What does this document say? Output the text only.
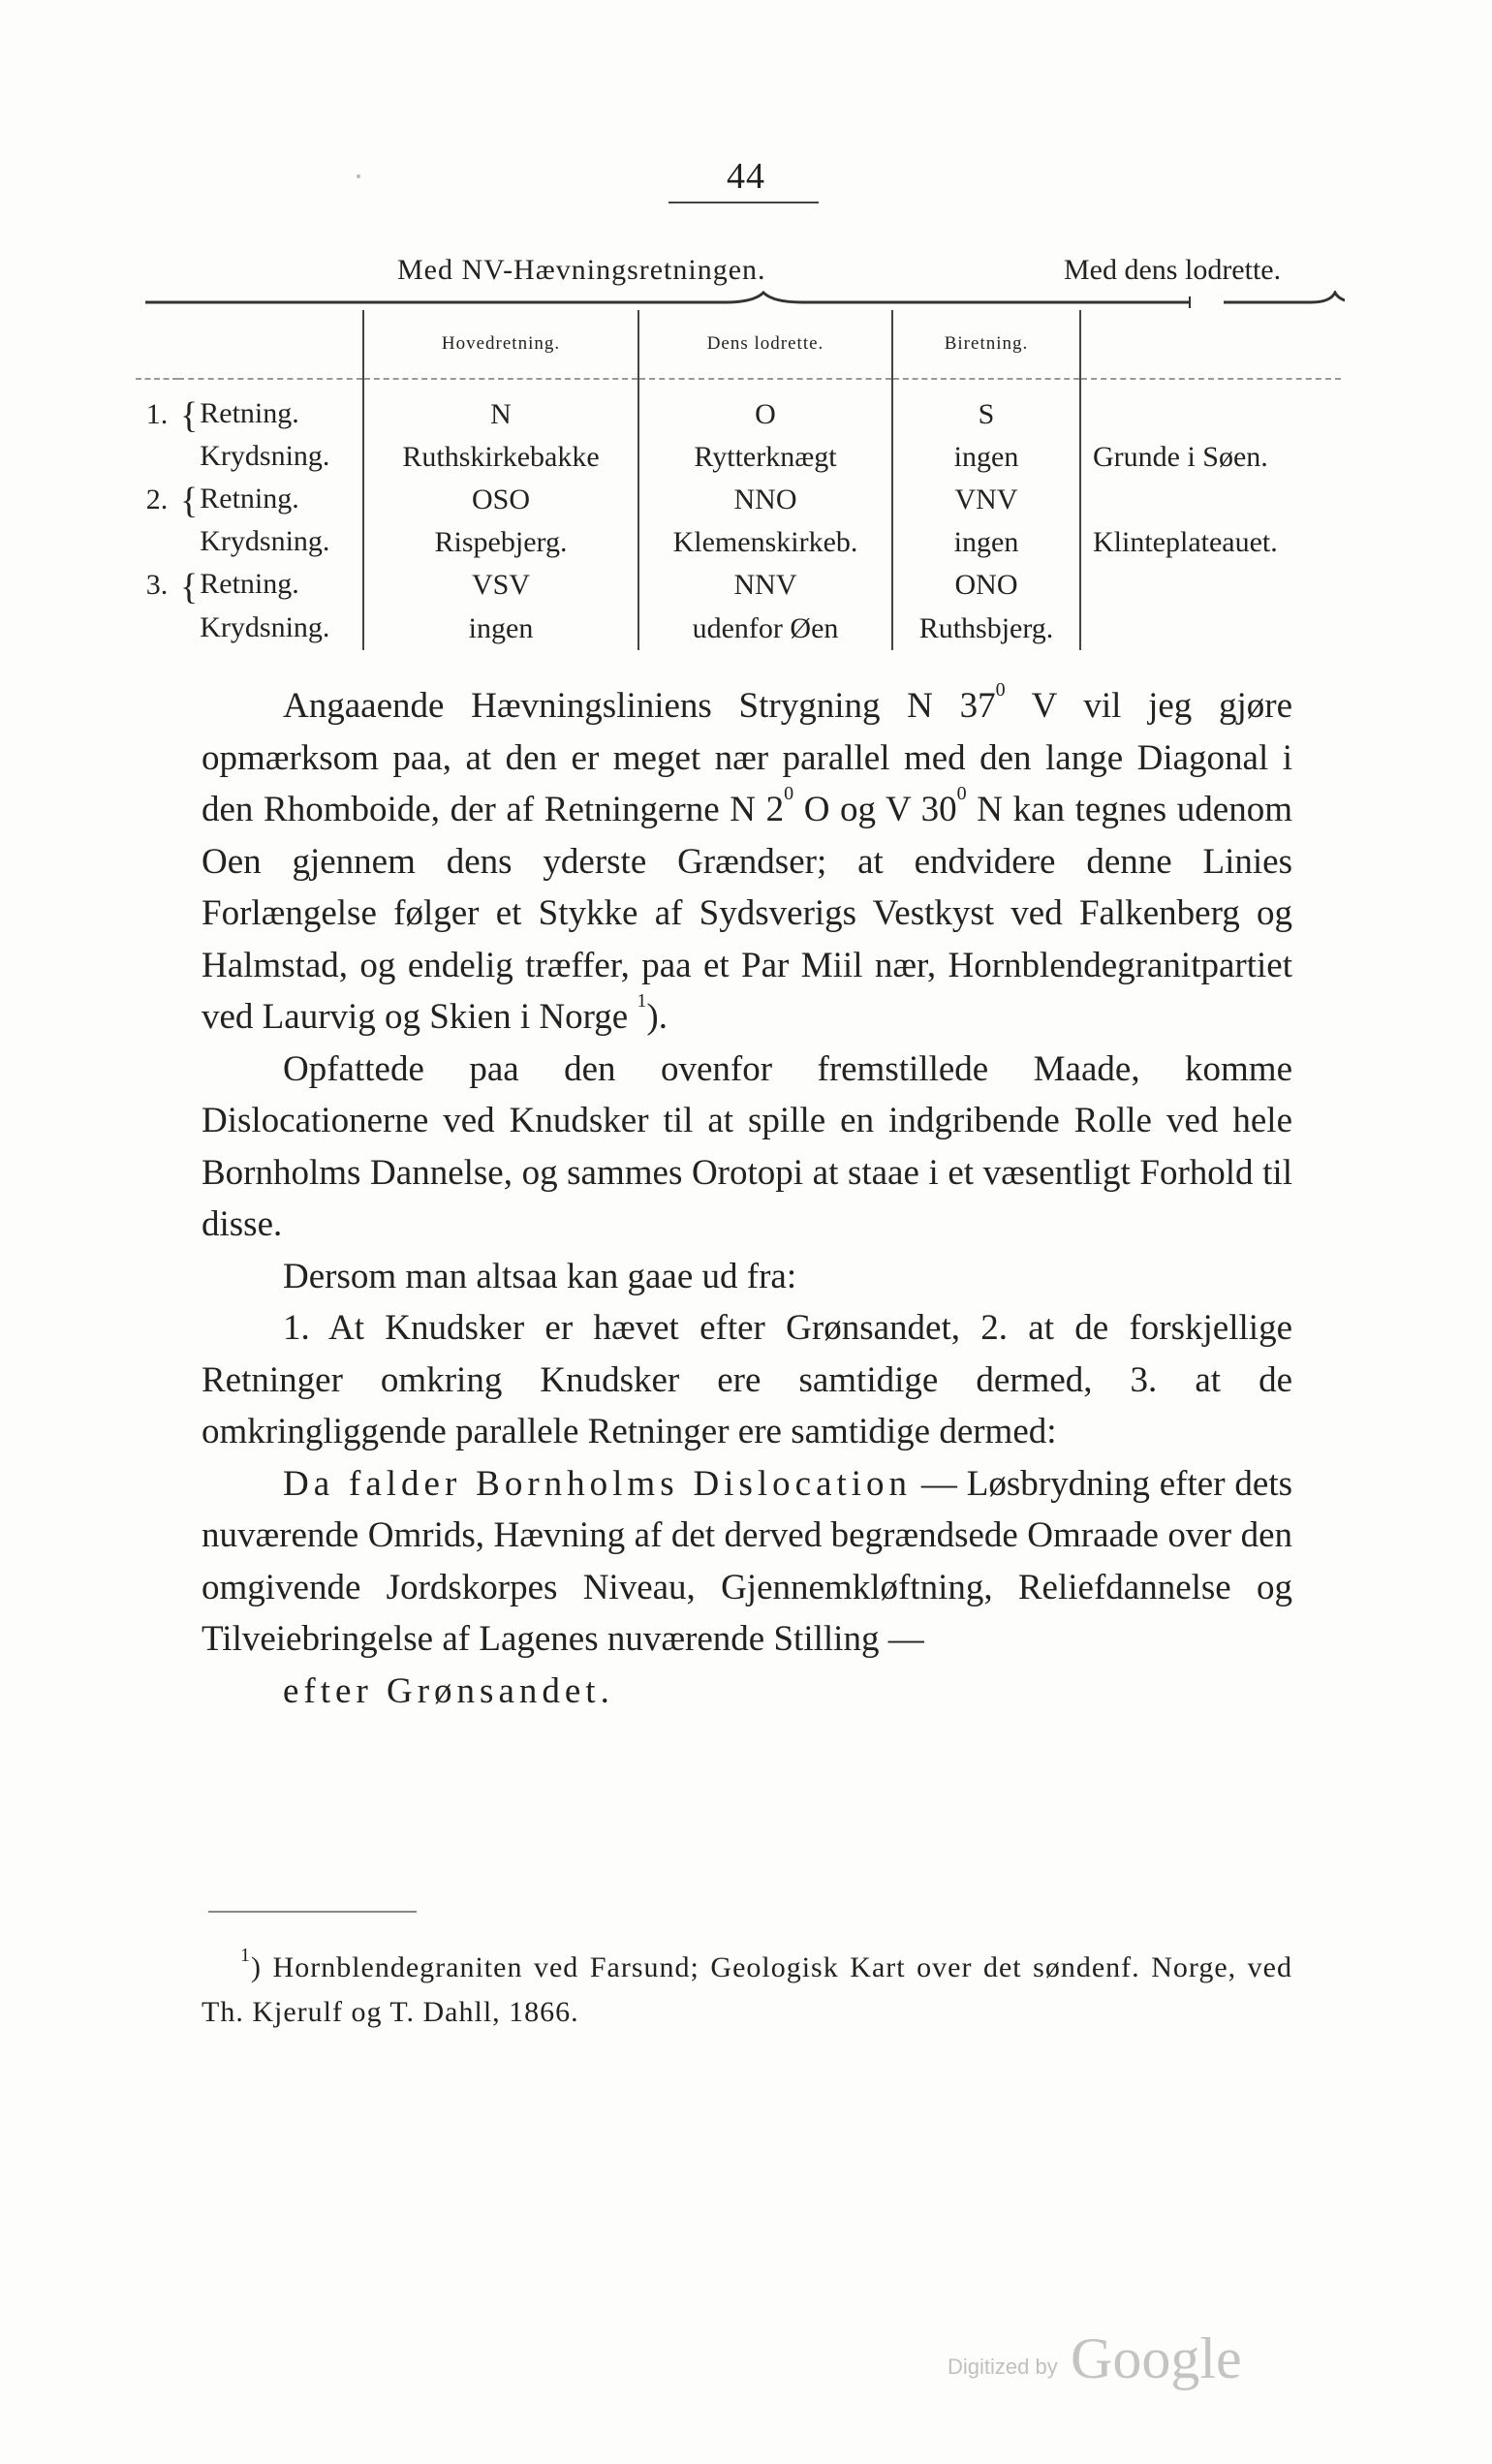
44
Med NV-Hævningsretningen.	Med dens lodrette.
		Hovedretning.	Dens lodrette.	Biretning.	
1.	{Retning.	N	O	S	
	Krydsning.	Ruthskirkebakke	Rytterknægt	ingen	Grunde i Søen.
2.	{Retning.	OSO	NNO	VNV	
	Krydsning.	Rispebjerg.	Klemenskirkeb.	ingen	Klinteplateauet.
3.	{Retning.	VSV	NNV	ONO	
	Krydsning.	ingen	udenfor Øen	Ruthsbjerg.	

Angaaende Hævningsliniens Strygning N $37^0$ V vil jeg gjøre opmærksom paa, at den er meget nær parallel med den lange Diagonal i den Rhomboide, der af Retningerne N $2^0$ O og V $30^0$ N kan tegnes udenom Oen gjennem dens yderste Grændser; at endvidere denne Linies Forlængelse følger et Stykke af Sydsverigs Vestkyst ved Falkenberg og Halmstad, og endelig træffer, paa et Par Miil nær, Hornblendegranitpartiet ved Laurvig og Skien i Norge $^1$).

Opfattede paa den ovenfor fremstillede Maade, komme Dislocationerne ved Knudsker til at spille en indgribende Rolle ved hele Bornholms Dannelse, og sammes Orotopi at staae i et væsentligt Forhold til disse.

Dersom man altsaa kan gaae ud fra:

1. At Knudsker er hævet efter Grønsandet, 2. at de forskjellige Retninger omkring Knudsker ere samtidige dermed, 3. at de omkringliggende parallele Retninger ere samtidige dermed:

Da falder Bornholms Dislocation — Løsbrydning efter dets nuværende Omrids, Hævning af det derved begrændsede Omraade over den omgivende Jordskorpes Niveau, Gjennemkløftning, Reliefdannelse og Tilveiebringelse af Lagenes nuværende Stilling —

efter Grønsandet.

$^1$) Hornblendegraniten ved Farsund; Geologisk Kart over det søndenf. Norge, ved Th. Kjerulf og T. Dahll, 1866.

Digitized by Google
